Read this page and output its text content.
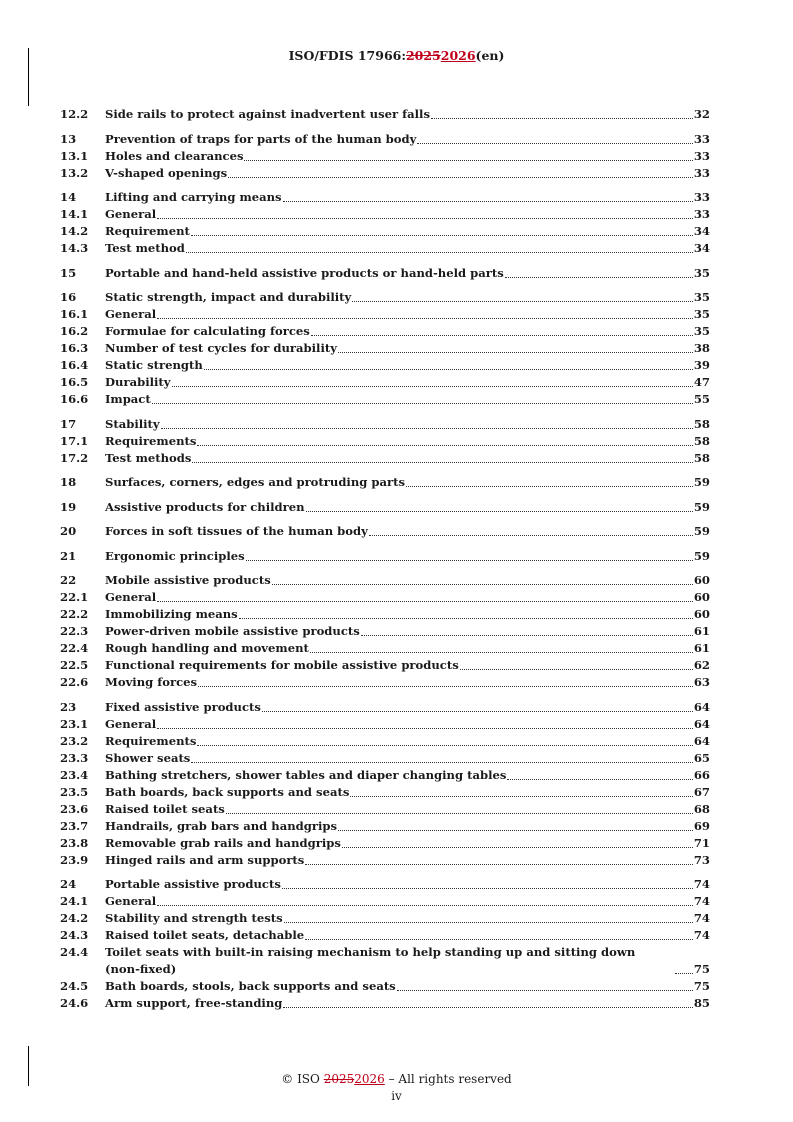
ISO/FDIS 17966:20252026(en)
12.2	Side rails to protect against inadvertent user falls	32
13	Prevention of traps for parts of the human body	33
13.1	Holes and clearances	33
13.2	V-shaped openings	33
14	Lifting and carrying means	33
14.1	General	33
14.2	Requirement	34
14.3	Test method	34
15	Portable and hand-held assistive products or hand-held parts	35
16	Static strength, impact and durability	35
16.1	General	35
16.2	Formulae for calculating forces	35
16.3	Number of test cycles for durability	38
16.4	Static strength	39
16.5	Durability	47
16.6	Impact	55
17	Stability	58
17.1	Requirements	58
17.2	Test methods	58
18	Surfaces, corners, edges and protruding parts	59
19	Assistive products for children	59
20	Forces in soft tissues of the human body	59
21	Ergonomic principles	59
22	Mobile assistive products	60
22.1	General	60
22.2	Immobilizing means	60
22.3	Power-driven mobile assistive products	61
22.4	Rough handling and movement	61
22.5	Functional requirements for mobile assistive products	62
22.6	Moving forces	63
23	Fixed assistive products	64
23.1	General	64
23.2	Requirements	64
23.3	Shower seats	65
23.4	Bathing stretchers, shower tables and diaper changing tables	66
23.5	Bath boards, back supports and seats	67
23.6	Raised toilet seats	68
23.7	Handrails, grab bars and handgrips	69
23.8	Removable grab rails and handgrips	71
23.9	Hinged rails and arm supports	73
24	Portable assistive products	74
24.1	General	74
24.2	Stability and strength tests	74
24.3	Raised toilet seats, detachable	74
24.4	Toilet seats with built-in raising mechanism to help standing up and sitting down (non-fixed)	75
24.5	Bath boards, stools, back supports and seats	75
24.6	Arm support, free-standing	85
© ISO 20252026 – All rights reserved
iv
